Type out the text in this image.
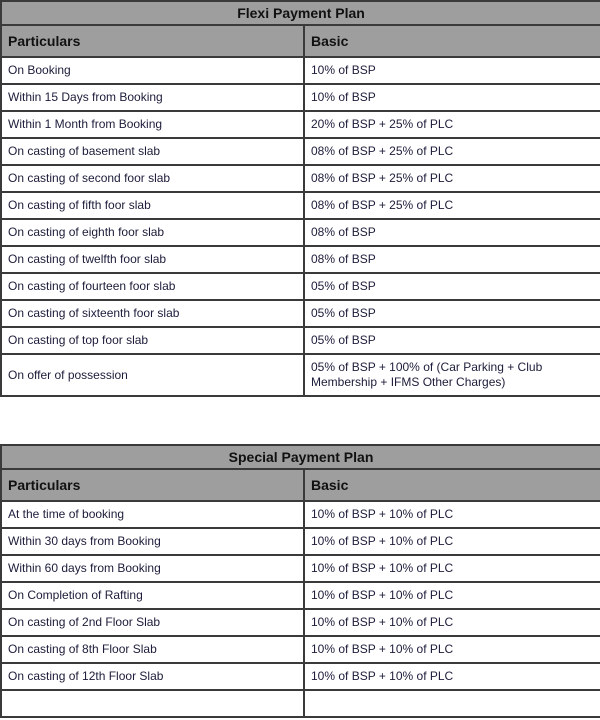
Flexi Payment Plan	
Particulars	Basic
On Booking	10% of BSP
Within 15 Days from Booking	10% of BSP
Within 1 Month from Booking	20% of BSP + 25% of PLC
On casting of basement slab	08% of BSP + 25% of PLC
On casting of second foor slab	08% of BSP + 25% of PLC
On casting of fifth foor slab	08% of BSP + 25% of PLC
On casting of eighth foor slab	08% of BSP
On casting of twelfth foor slab	08% of BSP
On casting of fourteen foor slab	05% of BSP
On casting of sixteenth foor slab	05% of BSP
On casting of top foor slab	05% of BSP
On offer of possession	05% of BSP + 100% of (Car Parking + Club Membership + IFMS Other Charges)
Special Payment Plan	
Particulars	Basic
At the time of booking	10% of BSP + 10% of PLC
Within 30 days from Booking	10% of BSP + 10% of PLC
Within 60 days from Booking	10% of BSP + 10% of PLC
On Completion of Rafting	10% of BSP + 10% of PLC
On casting of 2nd Floor Slab	10% of BSP + 10% of PLC
On casting of 8th Floor Slab	10% of BSP + 10% of PLC
On casting of 12th Floor Slab	10% of BSP + 10% of PLC
